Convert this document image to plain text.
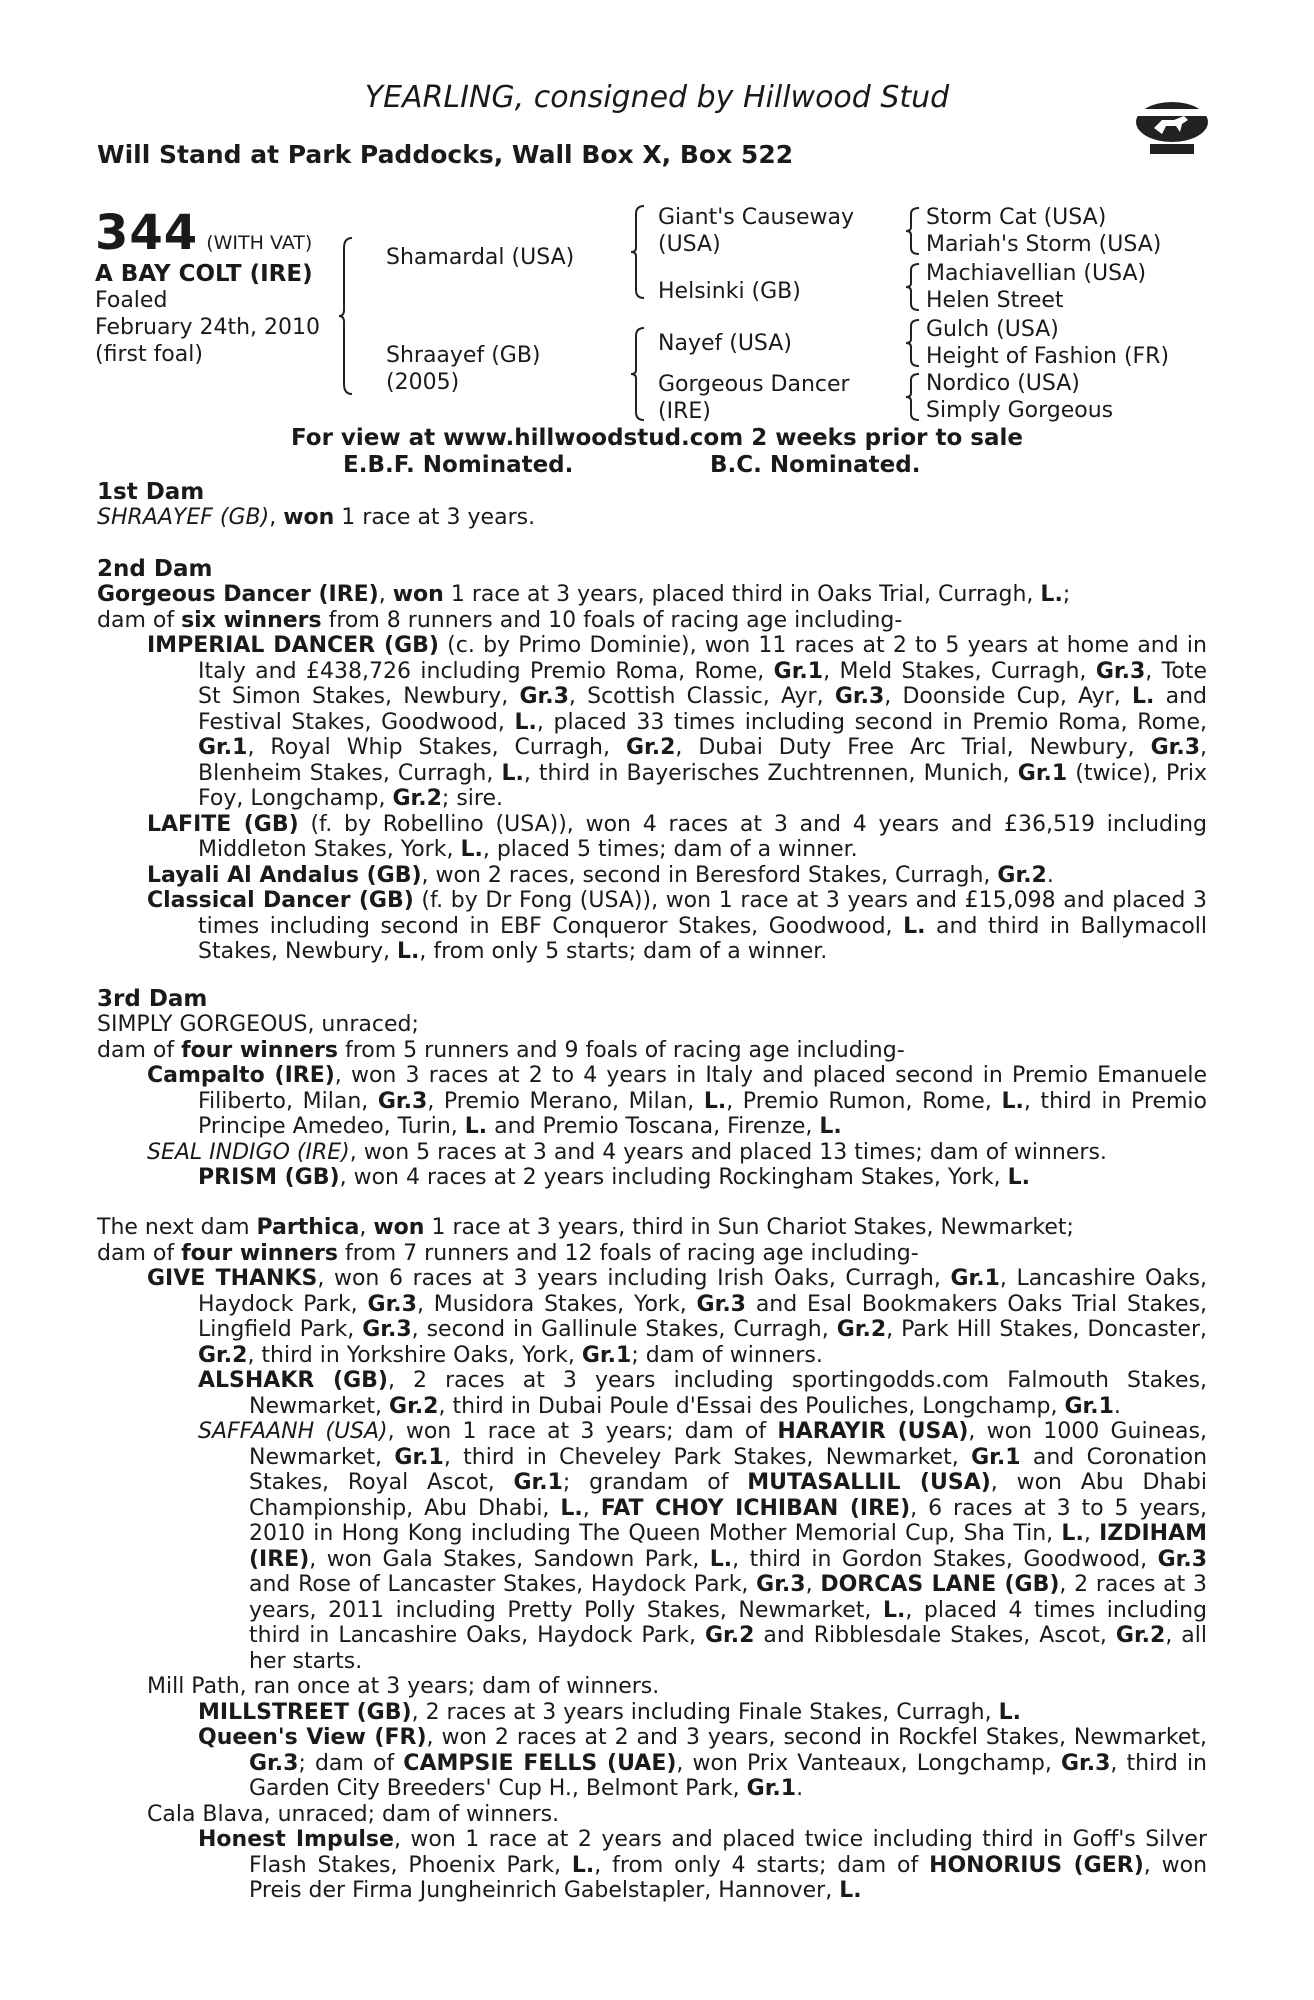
YEARLING, consigned by Hillwood Stud
Will Stand at Park Paddocks, Wall Box X, Box 522
344 (WITH VAT)
A BAY COLT (IRE)
Foaled
February 24th, 2010
(first foal)
Shamardal (USA)
Shraayef (GB)
(2005)
Giant's Causeway
(USA)
Helsinki (GB)
Nayef (USA)
Gorgeous Dancer
(IRE)
Storm Cat (USA)
Mariah's Storm (USA)
Machiavellian (USA)
Helen Street
Gulch (USA)
Height of Fashion (FR)
Nordico (USA)
Simply Gorgeous
For view at www.hillwoodstud.com 2 weeks prior to sale
E.B.F. Nominated.	B.C. Nominated.
1st Dam
SHRAAYEF (GB), won 1 race at 3 years.
2nd Dam
Gorgeous Dancer (IRE), won 1 race at 3 years, placed third in Oaks Trial, Curragh, L.;
dam of six winners from 8 runners and 10 foals of racing age including-
IMPERIAL DANCER (GB) (c. by Primo Dominie), won 11 races at 2 to 5 years at home and in Italy and £438,726 including Premio Roma, Rome, Gr.1, Meld Stakes, Curragh, Gr.3, Tote St Simon Stakes, Newbury, Gr.3, Scottish Classic, Ayr, Gr.3, Doonside Cup, Ayr, L. and Festival Stakes, Goodwood, L., placed 33 times including second in Premio Roma, Rome, Gr.1, Royal Whip Stakes, Curragh, Gr.2, Dubai Duty Free Arc Trial, Newbury, Gr.3, Blenheim Stakes, Curragh, L., third in Bayerisches Zuchtrennen, Munich, Gr.1 (twice), Prix Foy, Longchamp, Gr.2; sire.
LAFITE (GB) (f. by Robellino (USA)), won 4 races at 3 and 4 years and £36,519 including Middleton Stakes, York, L., placed 5 times; dam of a winner.
Layali Al Andalus (GB), won 2 races, second in Beresford Stakes, Curragh, Gr.2.
Classical Dancer (GB) (f. by Dr Fong (USA)), won 1 race at 3 years and £15,098 and placed 3 times including second in EBF Conqueror Stakes, Goodwood, L. and third in Ballymacoll Stakes, Newbury, L., from only 5 starts; dam of a winner.
3rd Dam
SIMPLY GORGEOUS, unraced;
dam of four winners from 5 runners and 9 foals of racing age including-
Campalto (IRE), won 3 races at 2 to 4 years in Italy and placed second in Premio Emanuele Filiberto, Milan, Gr.3, Premio Merano, Milan, L., Premio Rumon, Rome, L., third in Premio Principe Amedeo, Turin, L. and Premio Toscana, Firenze, L.
SEAL INDIGO (IRE), won 5 races at 3 and 4 years and placed 13 times; dam of winners.
PRISM (GB), won 4 races at 2 years including Rockingham Stakes, York, L.
The next dam Parthica, won 1 race at 3 years, third in Sun Chariot Stakes, Newmarket;
dam of four winners from 7 runners and 12 foals of racing age including-
GIVE THANKS, won 6 races at 3 years including Irish Oaks, Curragh, Gr.1, Lancashire Oaks, Haydock Park, Gr.3, Musidora Stakes, York, Gr.3 and Esal Bookmakers Oaks Trial Stakes, Lingfield Park, Gr.3, second in Gallinule Stakes, Curragh, Gr.2, Park Hill Stakes, Doncaster, Gr.2, third in Yorkshire Oaks, York, Gr.1; dam of winners.
ALSHAKR (GB), 2 races at 3 years including sportingodds.com Falmouth Stakes, Newmarket, Gr.2, third in Dubai Poule d'Essai des Pouliches, Longchamp, Gr.1.
SAFFAANH (USA), won 1 race at 3 years; dam of HARAYIR (USA), won 1000 Guineas, Newmarket, Gr.1, third in Cheveley Park Stakes, Newmarket, Gr.1 and Coronation Stakes, Royal Ascot, Gr.1; grandam of MUTASALLIL (USA), won Abu Dhabi Championship, Abu Dhabi, L., FAT CHOY ICHIBAN (IRE), 6 races at 3 to 5 years, 2010 in Hong Kong including The Queen Mother Memorial Cup, Sha Tin, L., IZDIHAM (IRE), won Gala Stakes, Sandown Park, L., third in Gordon Stakes, Goodwood, Gr.3 and Rose of Lancaster Stakes, Haydock Park, Gr.3, DORCAS LANE (GB), 2 races at 3 years, 2011 including Pretty Polly Stakes, Newmarket, L., placed 4 times including third in Lancashire Oaks, Haydock Park, Gr.2 and Ribblesdale Stakes, Ascot, Gr.2, all her starts.
Mill Path, ran once at 3 years; dam of winners.
MILLSTREET (GB), 2 races at 3 years including Finale Stakes, Curragh, L.
Queen's View (FR), won 2 races at 2 and 3 years, second in Rockfel Stakes, Newmarket, Gr.3; dam of CAMPSIE FELLS (UAE), won Prix Vanteaux, Longchamp, Gr.3, third in Garden City Breeders' Cup H., Belmont Park, Gr.1.
Cala Blava, unraced; dam of winners.
Honest Impulse, won 1 race at 2 years and placed twice including third in Goff's Silver Flash Stakes, Phoenix Park, L., from only 4 starts; dam of HONORIUS (GER), won Preis der Firma Jungheinrich Gabelstapler, Hannover, L.
